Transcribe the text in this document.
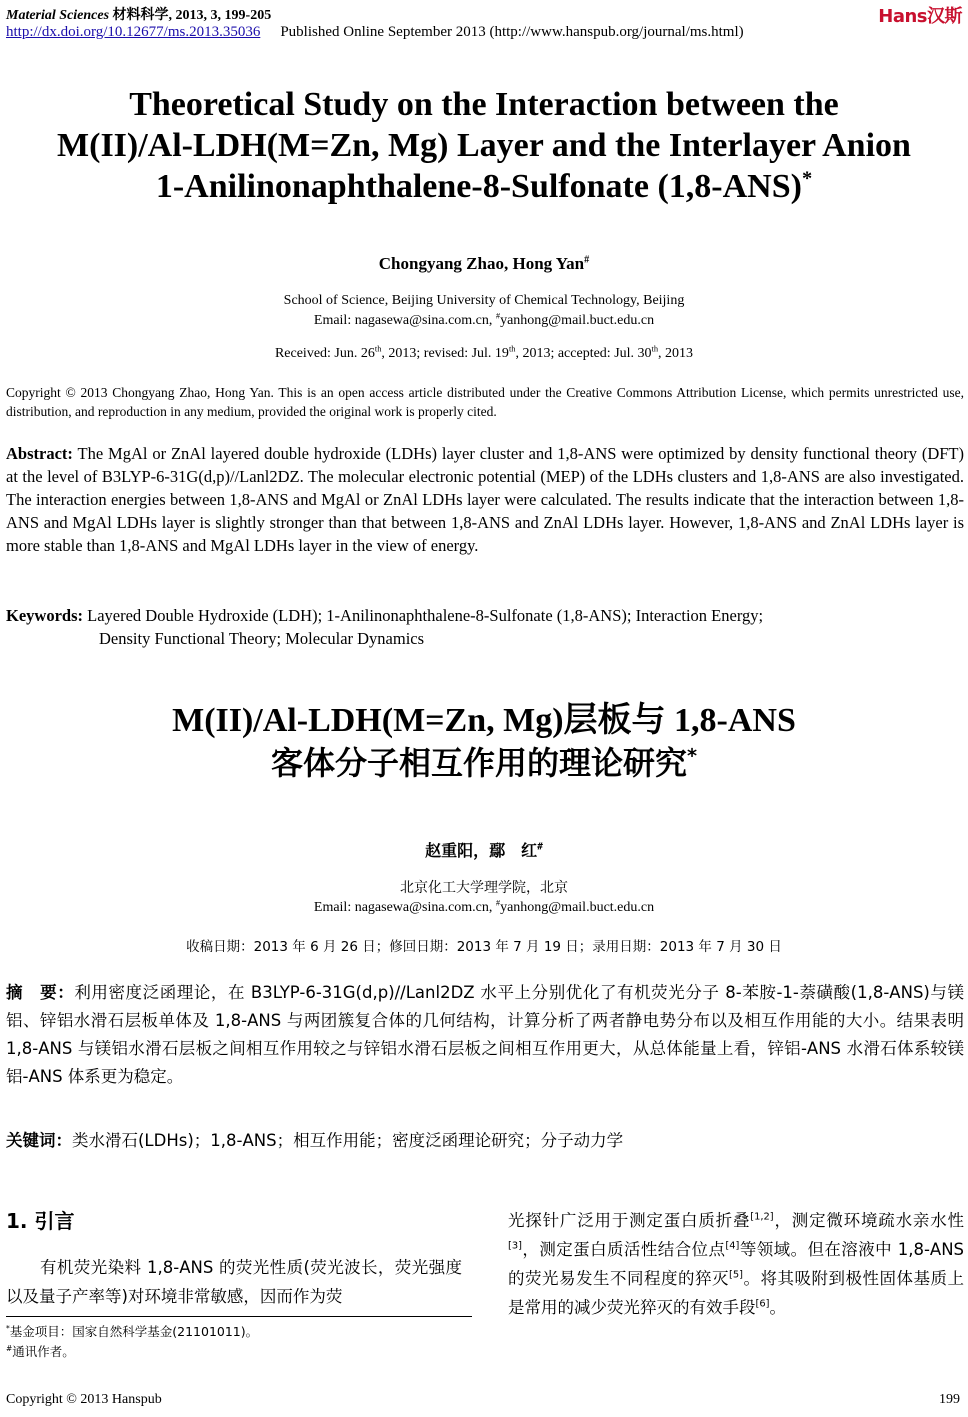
Material Sciences 材料科学, 2013, 3, 199-205	Hans汉斯
http://dx.doi.org/10.12677/ms.2013.35036 Published Online September 2013 (http://www.hanspub.org/journal/ms.html)
Theoretical Study on the Interaction between the
M(II)/Al-LDH(M=Zn, Mg) Layer and the Interlayer Anion
1-Anilinonaphthalene-8-Sulfonate (1,8-ANS)*
Chongyang Zhao, Hong Yan#
School of Science, Beijing University of Chemical Technology, Beijing
Email: nagasewa@sina.com.cn, #yanhong@mail.buct.edu.cn
Received: Jun. 26th, 2013; revised: Jul. 19th, 2013; accepted: Jul. 30th, 2013
Copyright © 2013 Chongyang Zhao, Hong Yan. This is an open access article distributed under the Creative Commons Attribution License, which permits unrestricted use, distribution, and reproduction in any medium, provided the original work is properly cited.
Abstract: The MgAl or ZnAl layered double hydroxide (LDHs) layer cluster and 1,8-ANS were optimized by density functional theory (DFT) at the level of B3LYP-6-31G(d,p)//Lanl2DZ. The molecular electronic potential (MEP) of the LDHs clusters and 1,8-ANS are also investigated. The interaction energies between 1,8-ANS and MgAl or ZnAl LDHs layer were calculated. The results indicate that the interaction between 1,8-ANS and MgAl LDHs layer is slightly stronger than that between 1,8-ANS and ZnAl LDHs layer. However, 1,8-ANS and ZnAl LDHs layer is more stable than 1,8-ANS and MgAl LDHs layer in the view of energy.
Keywords: Layered Double Hydroxide (LDH); 1-Anilinonaphthalene-8-Sulfonate (1,8-ANS); Interaction Energy;
Density Functional Theory; Molecular Dynamics
M(II)/Al-LDH(M=Zn, Mg)层板与 1,8-ANS
客体分子相互作用的理论研究*
赵重阳，鄢　红#
北京化工大学理学院，北京
Email: nagasewa@sina.com.cn, #yanhong@mail.buct.edu.cn
收稿日期：2013 年 6 月 26 日；修回日期：2013 年 7 月 19 日；录用日期：2013 年 7 月 30 日
摘　要：利用密度泛函理论，在 B3LYP-6-31G(d,p)//Lanl2DZ 水平上分别优化了有机荧光分子 8-苯胺-1-萘磺酸(1,8-ANS)与镁铝、锌铝水滑石层板单体及 1,8-ANS 与两团簇复合体的几何结构，计算分析了两者静电势分布以及相互作用能的大小。结果表明 1,8-ANS 与镁铝水滑石层板之间相互作用较之与锌铝水滑石层板之间相互作用更大，从总体能量上看，锌铝-ANS 水滑石体系较镁铝-ANS 体系更为稳定。
关键词：类水滑石(LDHs)；1,8-ANS；相互作用能；密度泛函理论研究；分子动力学
1. 引言
有机荧光染料 1,8-ANS 的荧光性质(荧光波长，荧光强度以及量子产率等)对环境非常敏感，因而作为荧
光探针广泛用于测定蛋白质折叠[1,2]，测定微环境疏水亲水性[3]，测定蛋白质活性结合位点[4]等领域。但在溶液中 1,8-ANS 的荧光易发生不同程度的猝灭[5]。将其吸附到极性固体基质上是常用的减少荧光猝灭的有效手段[6]。
*基金项目：国家自然科学基金(21101011)。
#通讯作者。
Copyright © 2013 Hanspub	199
